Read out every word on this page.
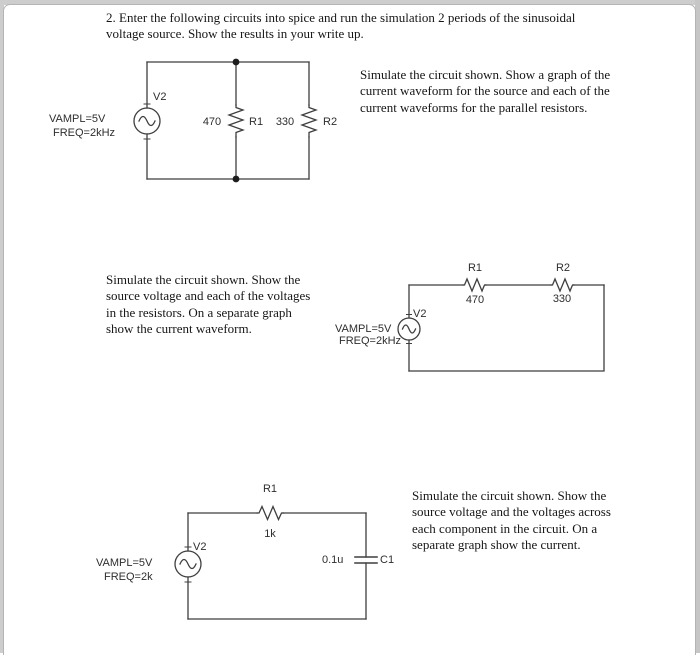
2. Enter the following circuits into spice and run the simulation 2 periods of the sinusoidal voltage source. Show the results in your write up.

V2
VAMPL=5V
FREQ=2kHz
470	R1	330	R2

Simulate the circuit shown. Show a graph of the current waveform for the source and each of the current waveforms for the parallel resistors.

Simulate the circuit shown. Show the source voltage and each of the voltages in the resistors. On a separate graph show the current waveform.

R1
470
R2
330
V2
VAMPL=5V
FREQ=2kHz
R1
1k
V2
VAMPL=5V
FREQ=2k
0.1u	C1

Simulate the circuit shown. Show the source voltage and the voltages across each component in the circuit. On a separate graph show the current.
